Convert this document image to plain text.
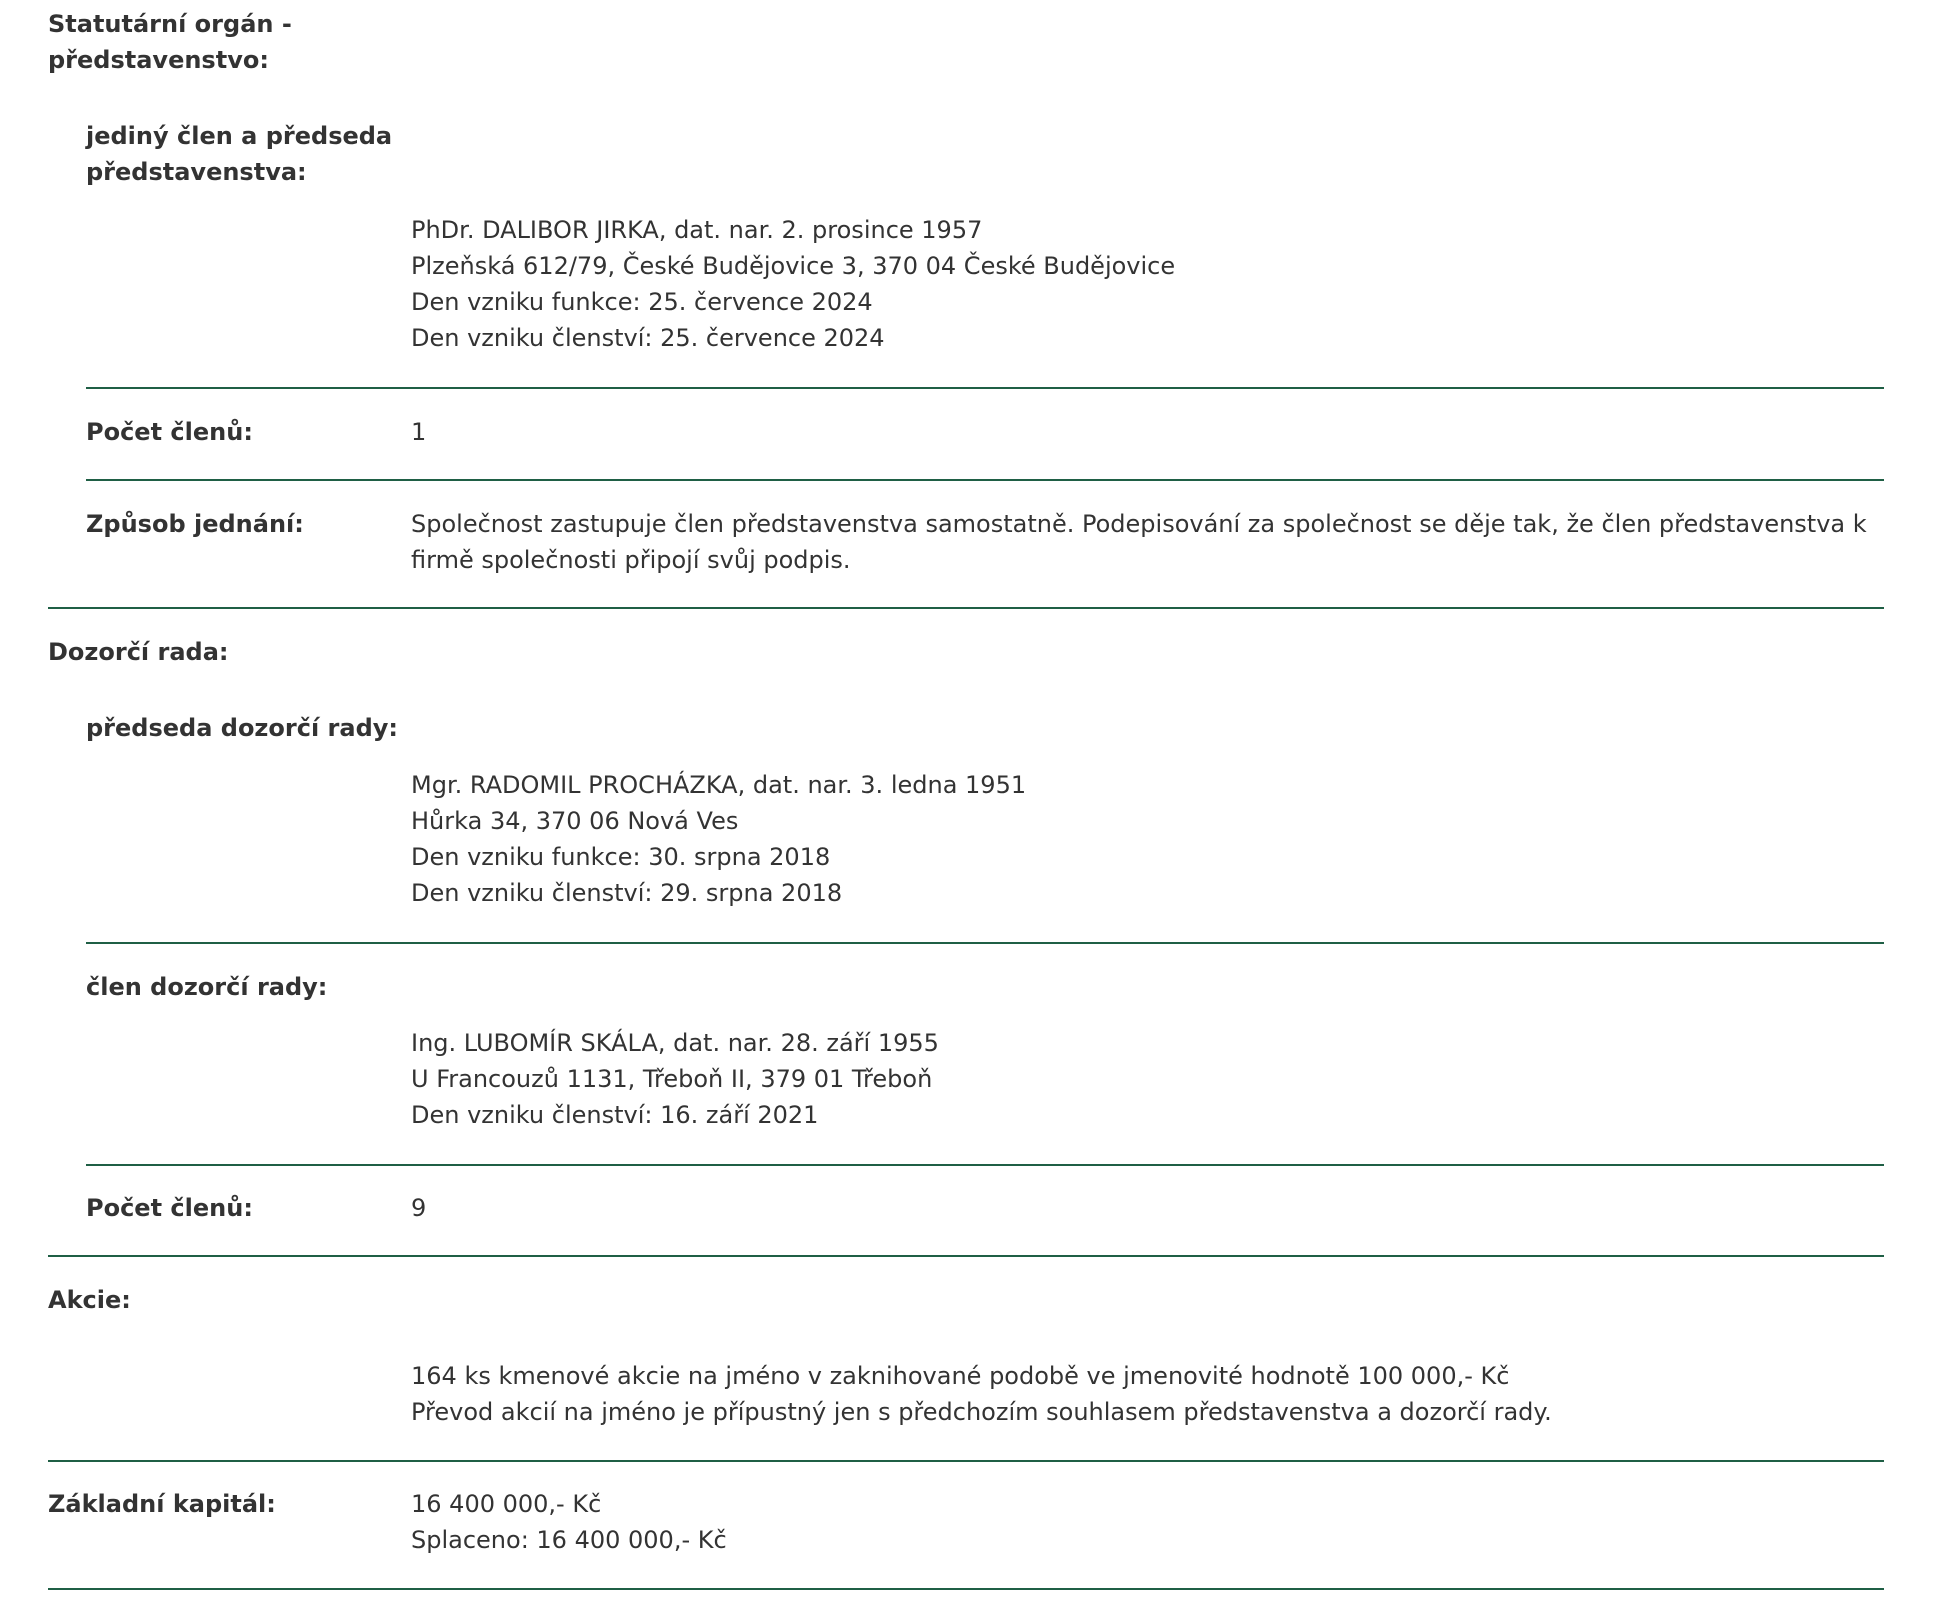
Statutární orgán -
představenstvo:
jediný člen a předseda
představenstva:
PhDr. DALIBOR JIRKA, dat. nar. 2. prosince 1957
Plzeňská 612/79, České Budějovice 3, 370 04 České Budějovice
Den vzniku funkce: 25. července 2024
Den vzniku členství: 25. července 2024
Počet členů:	1
Způsob jednání:	Společnost zastupuje člen představenstva samostatně. Podepisování za společnost se děje tak, že člen představenstva k
firmě společnosti připojí svůj podpis.
Dozorčí rada:
předseda dozorčí rady:
Mgr. RADOMIL PROCHÁZKA, dat. nar. 3. ledna 1951
Hůrka 34, 370 06 Nová Ves
Den vzniku funkce: 30. srpna 2018
Den vzniku členství: 29. srpna 2018
člen dozorčí rady:
Ing. LUBOMÍR SKÁLA, dat. nar. 28. září 1955
U Francouzů 1131, Třeboň II, 379 01 Třeboň
Den vzniku členství: 16. září 2021
Počet členů:	9
Akcie:
164 ks kmenové akcie na jméno v zaknihované podobě ve jmenovité hodnotě 100 000,- Kč
Převod akcií na jméno je přípustný jen s předchozím souhlasem představenstva a dozorčí rady.
Základní kapitál:	16 400 000,- Kč
Splaceno: 16 400 000,- Kč
